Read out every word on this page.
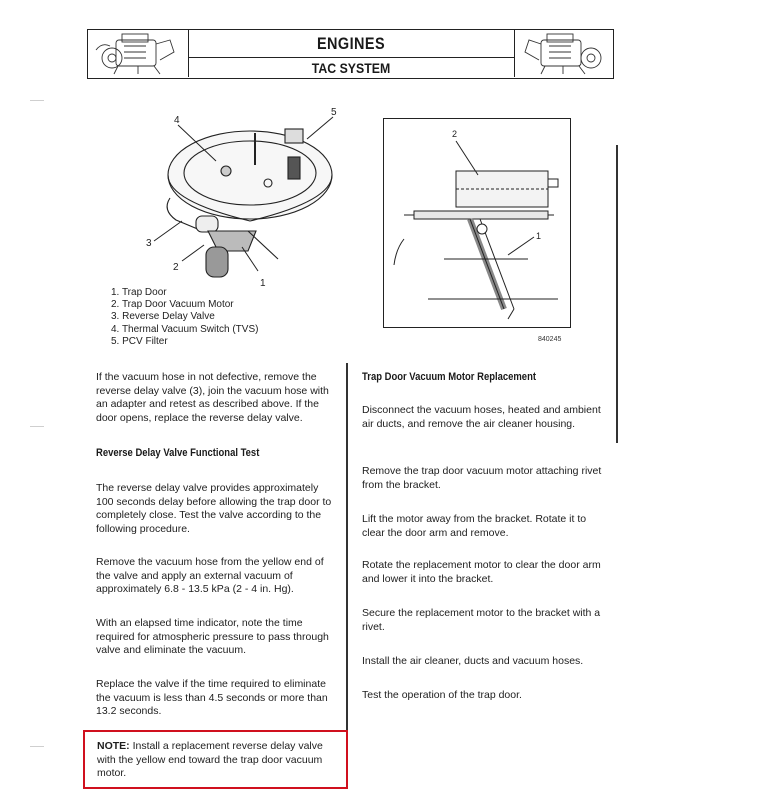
ENGINES
TAC SYSTEM
4
5
3
2
1
1. Trap Door
2. Trap Door Vacuum Motor
3. Reverse Delay Valve
4. Thermal Vacuum Switch (TVS)
5. PCV Filter
2
1
840245
If the vacuum hose in not defective, remove the reverse delay valve (3), join the vacuum hose with an adapter and retest as described above. If the door opens, replace the reverse delay valve.
Reverse Delay Valve Functional Test
The reverse delay valve provides approximately 100 seconds delay before allowing the trap door to completely close. Test the valve according to the following procedure.
Remove the vacuum hose from the yellow end of the valve and apply an external vacuum of approximately 6.8 - 13.5 kPa (2 - 4 in. Hg).
With an elapsed time indicator, note the time required for atmospheric pressure to pass through valve and eliminate the vacuum.
Replace the valve if the time required to eliminate the vacuum is less than 4.5 seconds or more than 13.2 seconds.
NOTE: Install a replacement reverse delay valve with the yellow end toward the trap door vacuum motor.
Trap Door Vacuum Motor Replacement
Disconnect the vacuum hoses, heated and ambient air ducts, and remove the air cleaner housing.
Remove the trap door vacuum motor attaching rivet from the bracket.
Lift the motor away from the bracket. Rotate it to clear the door arm and remove.
Rotate the replacement motor to clear the door arm and lower it into the bracket.
Secure the replacement motor to the bracket with a rivet.
Install the air cleaner, ducts and vacuum hoses.
Test the operation of the trap door.
